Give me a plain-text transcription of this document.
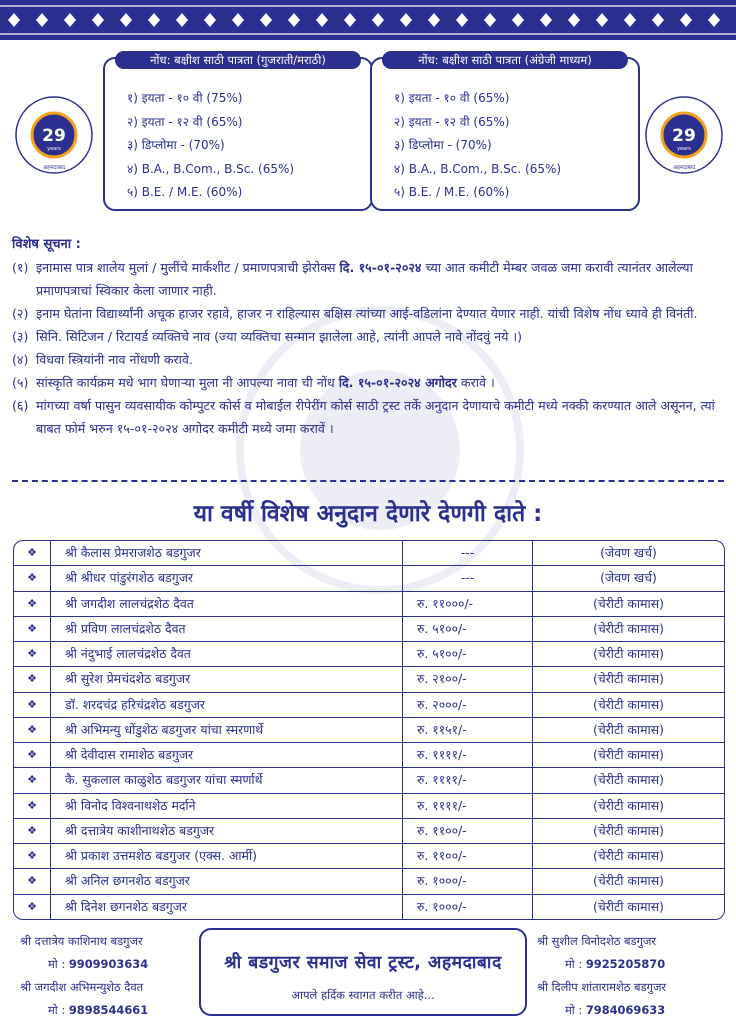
नोंध: बक्षीश साठी पात्रता (गुजराती/मराठी)
१) इयता - १० वी (75%)
२) इयता - १२ वी (65%)
३) डिप्लोमा - (70%)
४) B.A., B.Com., B.Sc. (65%)
५) B.E. / M.E. (60%)
नोंध: बक्षीश साठी पात्रता (अंग्रेजी माध्यम)
१) इयता - १० वी (65%)
२) इयता - १२ वी (65%)
३) डिप्लोमा - (70%)
४) B.A., B.Com., B.Sc. (65%)
५) B.E. / M.E. (60%)
29
years
अहमदाबाद
29
years
अहमदाबाद
विशेष सूचना :
(१) इनामास पात्र शालेय मुलां / मुलींचे मार्कशीट / प्रमाणपत्राची झेरोक्स दि. १५-०१-२०२४ च्या आत कमीटी मेम्बर जवळ जमा करावी त्यानंतर आलेल्या प्रमाणपत्राचां स्विकार केला जाणार नाही.
(२) इनाम घेतांना विद्यार्थ्यांनी अचूक हाजर रहावे, हाजर न राहिल्यास बक्षिस त्यांच्या आई-वडिलांना देण्यात येणार नाही. यांची विशेष नोंध ध्यावे ही विनंती.
(३) सिनि. सिटिजन / रिटायर्ड व्यक्तिचे नाव (ज्या व्यक्तिचा सन्मान झालेला आहे, त्यांनी आपले नावे नोंदवुं नये ।)
(४) विधवा स्त्रियांनी नाव नोंधणी करावे.
(५) सांस्कृति कार्यक्रम मधे भाग घेणाऱ्या मुला नी आपल्या नावा ची नोंध दि. १५-०१-२०२४ अगोदर करावे ।
(६) मांगच्या वर्षा पासुन व्यवसायीक कोम्पुटर कोर्स व मोबाईल रीपेरींग कोर्स साठी ट्रस्ट तर्के अनुदान देणायाचे कमीटी मध्ये नक्की करण्यात आले असूनन, त्यां बाबत फोर्म भरुन १५-०१-२०२४ अगोदर कमीटी मध्ये जमा करावें ।
या वर्षी विशेष अनुदान देणारे देणगी दाते :
❖	श्री कैलास प्रेमराजशेठ बडगुजर	---	(जेवण खर्च)
❖	श्री श्रीधर पांडुरंगशेठ बडगुजर	---	(जेवण खर्च)
❖	श्री जगदीश लालचंद्रशेठ दैवत	रु. ११०००/-	(चेरीटी कामास)
❖	श्री प्रविण लालचंद्रशेठ दैवत	रु. ५१००/-	(चेरीटी कामास)
❖	श्री नंदुभाई लालचंद्रशेठ दैवत	रु. ५१००/-	(चेरीटी कामास)
❖	श्री सुरेश प्रेमचंदशेठ बडगुजर	रु. २१००/-	(चेरीटी कामास)
❖	डॉ. शरदचंद्र हरिचंद्रशेठ बडगुजर	रु. २०००/-	(चेरीटी कामास)
❖	श्री अभिमन्यु धोंडुशेठ बडगुजर यांचा स्मरणार्थे	रु. ११५१/-	(चेरीटी कामास)
❖	श्री देवीदास रामाशेठ बडगुजर	रु. ११११/-	(चेरीटी कामास)
❖	कै. सुकलाल काळुशेठ बडगुजर यांचा स्मर्णार्थे	रु. ११११/-	(चेरीटी कामास)
❖	श्री विनोद विश्वनाथशेठ मर्दाने	रु. ११११/-	(चेरीटी कामास)
❖	श्री दत्तात्रेय काशीनाथशेठ बडगुजर	रु. ११००/-	(चेरीटी कामास)
❖	श्री प्रकाश उत्तमशेठ बडगुजर (एक्स. आर्मी)	रु. ११००/-	(चेरीटी कामास)
❖	श्री अनिल छगनशेठ बडगुजर	रु. १०००/-	(चेरीटी कामास)
❖	श्री दिनेश छगनशेठ बडगुजर	रु. १०००/-	(चेरीटी कामास)
श्री दत्तात्रेय काशिनाथ बडगुजर
मो : 9909903634
श्री जगदीश अभिमन्युशेठ दैवत
मो : 9898544661
श्री बडगुजर समाज सेवा ट्रस्ट, अहमदाबाद
आपले हर्दिक स्वागत करीत आहे...
श्री सुशील विनोदशेठ बडगुजर
मो : 9925205870
श्री दिलीप शांतारामशेठ बडगुजर
मो : 7984069633
